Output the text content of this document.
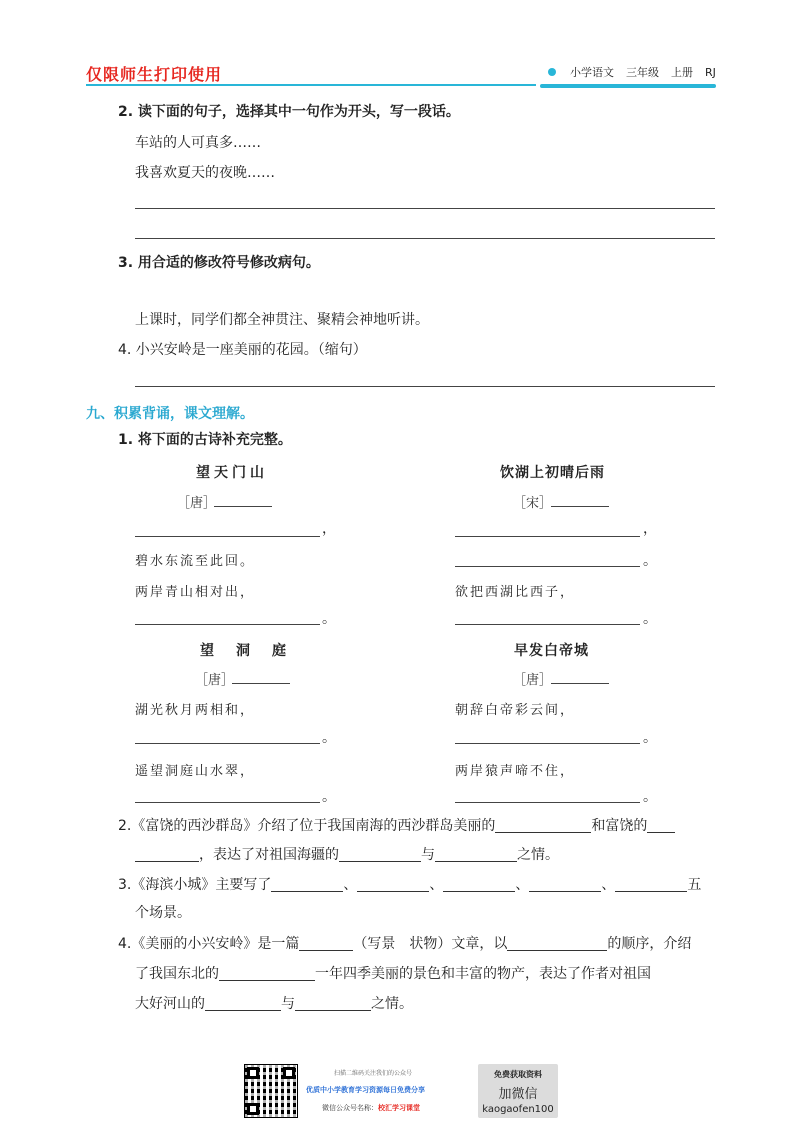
仅限师生打印使用	小学语文 三年级 上册 RJ
2. 读下面的句子，选择其中一句作为开头，写一段话。
车站的人可真多……
我喜欢夏天的夜晚……
3. 用合适的修改符号修改病句。
上课时，同学们都全神贯注、聚精会神地听讲。
4. 小兴安岭是一座美丽的花园。（缩句）
九、积累背诵，课文理解。
1. 将下面的古诗补充完整。
望天门山
［唐］
，
碧水东流至此回。
两岸青山相对出，
。
饮湖上初晴后雨
［宋］
，
。
欲把西湖比西子，
。
望　洞　庭
［唐］
湖光秋月两相和，
。
遥望洞庭山水翠，
。
早发白帝城
［唐］
朝辞白帝彩云间，
。
两岸猿声啼不住，
。
2.《富饶的西沙群岛》介绍了位于我国南海的西沙群岛美丽的	和富饶的
，表达了对祖国海疆的	与	之情。
3.《海滨小城》主要写了	、	、	、	、	五
个场景。
4.《美丽的小兴安岭》是一篇	（写景　状物）文章，以	的顺序，介绍
了我国东北的	一年四季美丽的景色和丰富的物产，表达了作者对祖国
大好河山的	与	之情。
扫描二维码关注我们的公众号
优质中小学教育学习资源每日免费分享
微信公众号名称：校汇学习课堂
免费获取资料
加微信
kaogaofen100
